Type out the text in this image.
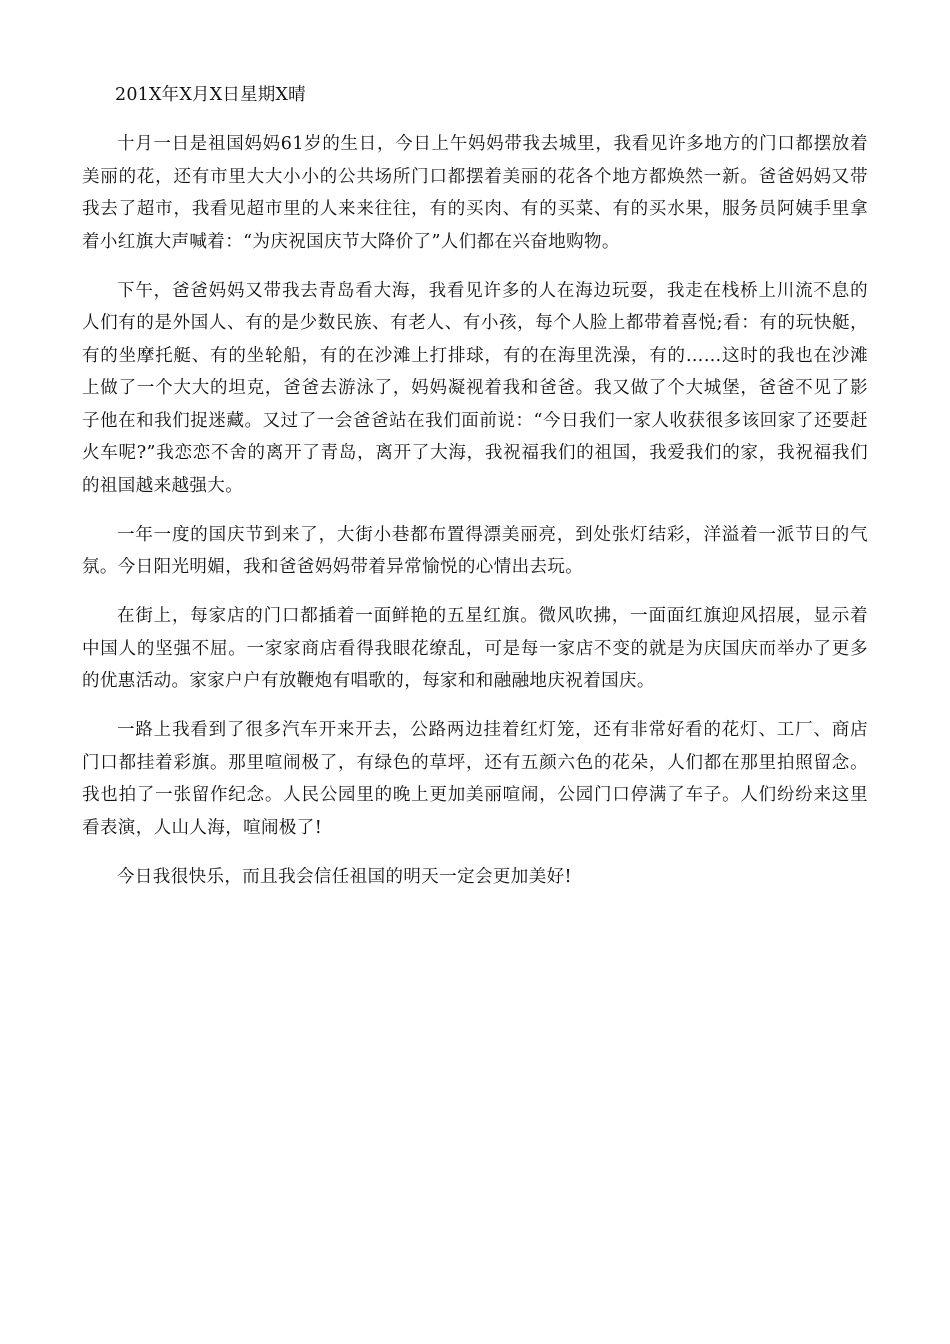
201X年X月X日星期X晴

十月一日是祖国妈妈61岁的生日，今日上午妈妈带我去城里，我看见许多地方的门口都摆放着美丽的花，还有市里大大小小的公共场所门口都摆着美丽的花各个地方都焕然一新。爸爸妈妈又带我去了超市，我看见超市里的人来来往往，有的买肉、有的买菜、有的买水果，服务员阿姨手里拿着小红旗大声喊着：“为庆祝国庆节大降价了”人们都在兴奋地购物。

下午，爸爸妈妈又带我去青岛看大海，我看见许多的人在海边玩耍，我走在栈桥上川流不息的人们有的是外国人、有的是少数民族、有老人、有小孩，每个人脸上都带着喜悦;看：有的玩快艇，有的坐摩托艇、有的坐轮船，有的在沙滩上打排球，有的在海里洗澡，有的……这时的我也在沙滩上做了一个大大的坦克，爸爸去游泳了，妈妈凝视着我和爸爸。我又做了个大城堡，爸爸不见了影子他在和我们捉迷藏。又过了一会爸爸站在我们面前说：“今日我们一家人收获很多该回家了还要赶火车呢?”我恋恋不舍的离开了青岛，离开了大海，我祝福我们的祖国，我爱我们的家，我祝福我们的祖国越来越强大。

一年一度的国庆节到来了，大街小巷都布置得漂美丽亮，到处张灯结彩，洋溢着一派节日的气氛。今日阳光明媚，我和爸爸妈妈带着异常愉悦的心情出去玩。

在街上，每家店的门口都插着一面鲜艳的五星红旗。微风吹拂，一面面红旗迎风招展，显示着中国人的坚强不屈。一家家商店看得我眼花缭乱，可是每一家店不变的就是为庆国庆而举办了更多的优惠活动。家家户户有放鞭炮有唱歌的，每家和和融融地庆祝着国庆。

一路上我看到了很多汽车开来开去，公路两边挂着红灯笼，还有非常好看的花灯、工厂、商店门口都挂着彩旗。那里喧闹极了，有绿色的草坪，还有五颜六色的花朵，人们都在那里拍照留念。我也拍了一张留作纪念。人民公园里的晚上更加美丽喧闹，公园门口停满了车子。人们纷纷来这里看表演，人山人海，喧闹极了!

今日我很快乐，而且我会信任祖国的明天一定会更加美好!
